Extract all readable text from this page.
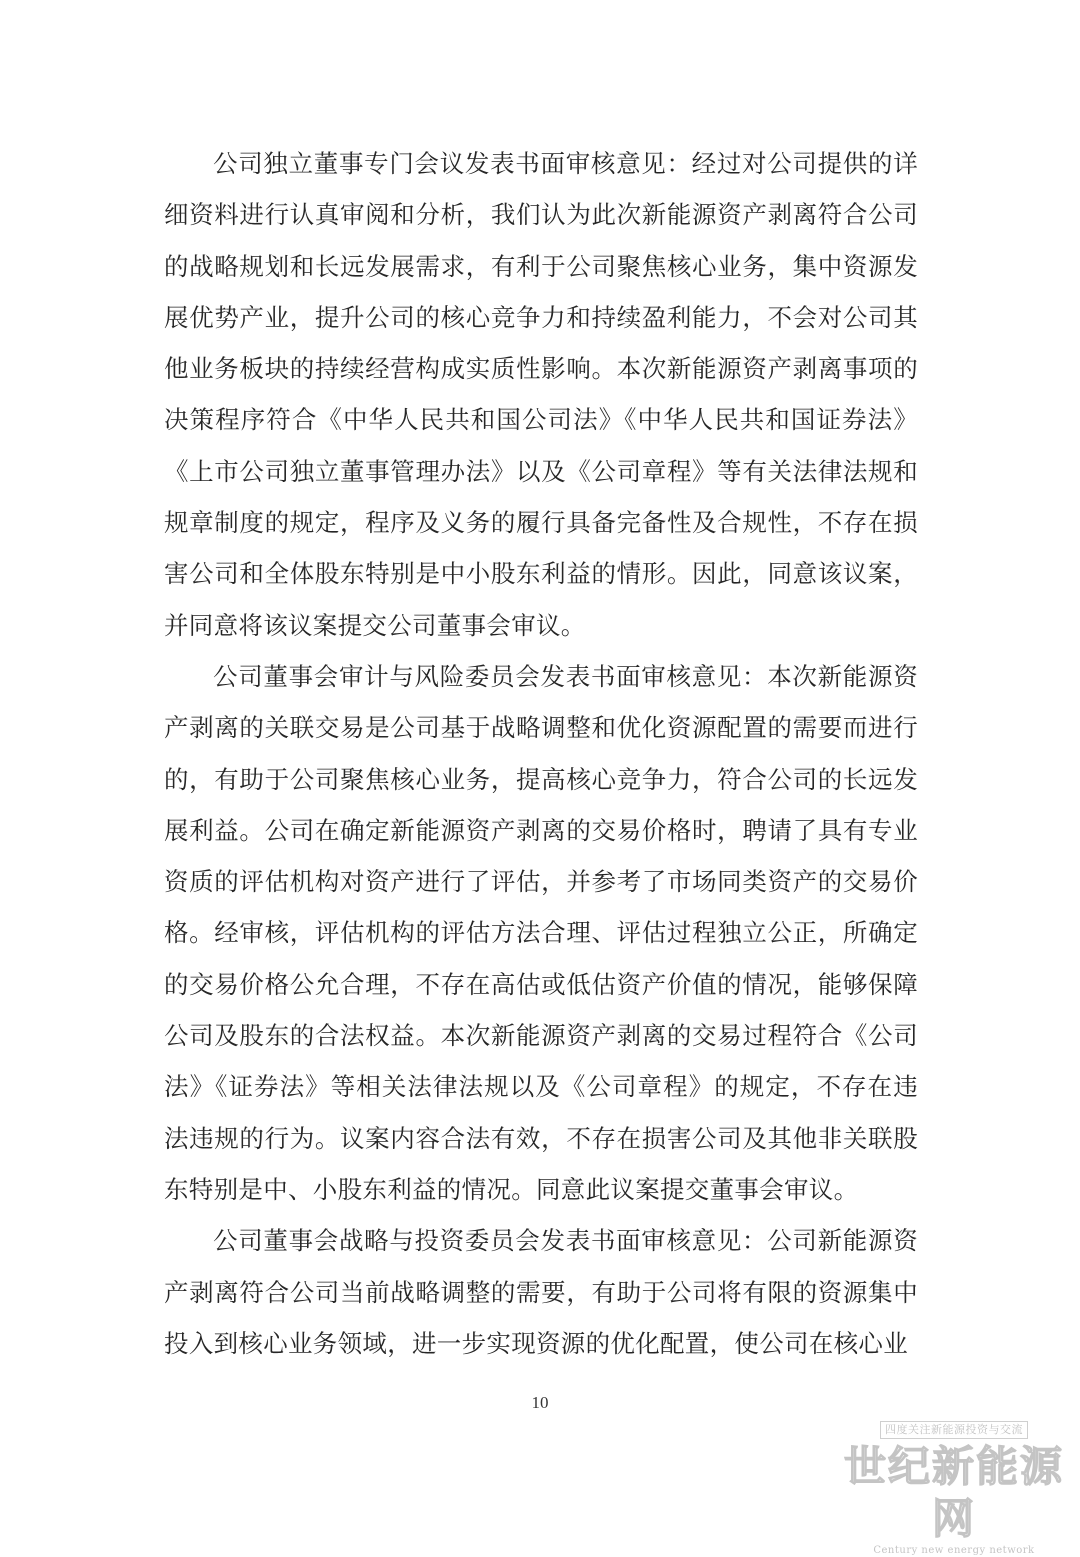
公司独立董事专门会议发表书面审核意见：经过对公司提供的详细资料进行认真审阅和分析，我们认为此次新能源资产剥离符合公司的战略规划和长远发展需求，有利于公司聚焦核心业务，集中资源发展优势产业，提升公司的核心竞争力和持续盈利能力，不会对公司其他业务板块的持续经营构成实质性影响。本次新能源资产剥离事项的决策程序符合《中华人民共和国公司法》《中华人民共和国证券法》《上市公司独立董事管理办法》以及《公司章程》等有关法律法规和规章制度的规定，程序及义务的履行具备完备性及合规性，不存在损害公司和全体股东特别是中小股东利益的情形。因此，同意该议案，并同意将该议案提交公司董事会审议。

公司董事会审计与风险委员会发表书面审核意见：本次新能源资产剥离的关联交易是公司基于战略调整和优化资源配置的需要而进行的，有助于公司聚焦核心业务，提高核心竞争力，符合公司的长远发展利益。公司在确定新能源资产剥离的交易价格时，聘请了具有专业资质的评估机构对资产进行了评估，并参考了市场同类资产的交易价格。经审核，评估机构的评估方法合理、评估过程独立公正，所确定的交易价格公允合理，不存在高估或低估资产价值的情况，能够保障公司及股东的合法权益。本次新能源资产剥离的交易过程符合《公司法》《证券法》等相关法律法规以及《公司章程》的规定，不存在违法违规的行为。议案内容合法有效，不存在损害公司及其他非关联股东特别是中、小股东利益的情况。同意此议案提交董事会审议。

公司董事会战略与投资委员会发表书面审核意见：公司新能源资产剥离符合公司当前战略调整的需要，有助于公司将有限的资源集中投入到核心业务领域，进一步实现资源的优化配置，使公司在核心业

10
四度关注新能源投资与交流
世纪新能源网
Century new energy network
